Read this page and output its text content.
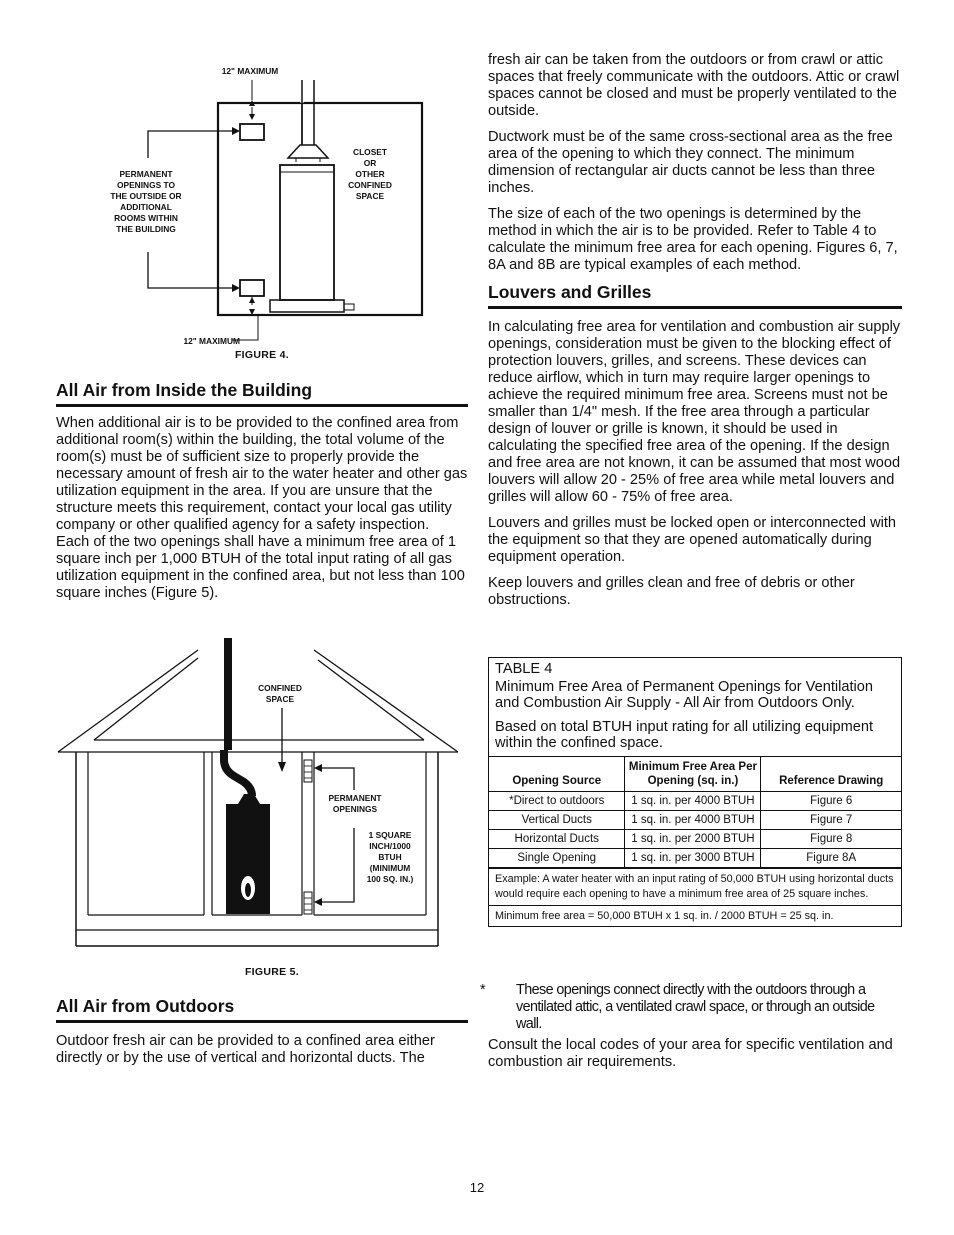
12" MAXIMUM
PERMANENT
OPENINGS TO
THE OUTSIDE OR
ADDITIONAL
ROOMS WITHIN
THE BUILDING
CLOSET
OR
OTHER
CONFINED
SPACE
12" MAXIMUM
FIGURE 4.
All Air from Inside the Building

When additional air is to be provided to the confined area from additional room(s) within the building, the total volume of the room(s) must be of sufficient size to properly provide the necessary amount of fresh air to the water heater and other gas utilization equipment in the area. If you are unsure that the structure meets this requirement, contact your local gas utility company or other qualified agency for a safety inspection.

Each of the two openings shall have a minimum free area of 1 square inch per 1,000 BTUH of the total input rating of all gas utilization equipment in the confined area, but not less than 100 square inches (Figure 5).

CONFINED
SPACE
PERMANENT
OPENINGS
1 SQUARE
INCH/1000
BTUH
(MINIMUM
100 SQ. IN.)
FIGURE 5.
All Air from Outdoors

Outdoor fresh air can be provided to a confined area either directly or by the use of vertical and horizontal ducts. The

fresh air can be taken from the outdoors or from crawl or attic spaces that freely communicate with the outdoors. Attic or crawl spaces cannot be closed and must be properly ventilated to the outside.

Ductwork must be of the same cross-sectional area as the free area of the opening to which they connect. The minimum dimension of rectangular air ducts cannot be less than three inches.

The size of each of the two openings is determined by the method in which the air is to be provided. Refer to Table 4 to calculate the minimum free area for each opening. Figures 6, 7, 8A and 8B are typical examples of each method.

Louvers and Grilles

In calculating free area for ventilation and combustion air supply openings, consideration must be given to the blocking effect of protection louvers, grilles, and screens. These devices can reduce airflow, which in turn may require larger openings to achieve the required minimum free area. Screens must not be smaller than 1/4" mesh. If the free area through a particular design of louver or grille is known, it should be used in calculating the specified free area of the opening. If the design and free area are not known, it can be assumed that most wood louvers will allow 20 - 25% of free area while metal louvers and grilles will allow 60 - 75% of free area.

Louvers and grilles must be locked open or interconnected with the equipment so that they are opened automatically during equipment operation.

Keep louvers and grilles clean and free of debris or other obstructions.

TABLE 4
Minimum Free Area of Permanent Openings for Ventilation and Combustion Air Supply - All Air from Outdoors Only.
Based on total BTUH input rating for all utilizing equipment within the confined space.
Opening Source	Minimum Free Area Per Opening (sq. in.)	Reference Drawing
*Direct to outdoors	1 sq. in. per 4000 BTUH	Figure 6
Vertical Ducts	1 sq. in. per 4000 BTUH	Figure 7
Horizontal Ducts	1 sq. in. per 2000 BTUH	Figure 8
Single Opening	1 sq. in. per 3000 BTUH	Figure 8A
Example: A water heater with an input rating of 50,000 BTUH using horizontal ducts would require each opening to have a minimum free area of 25 square inches.
Minimum free area = 50,000 BTUH x 1 sq. in. / 2000 BTUH = 25 sq. in.
* These openings connect directly with the outdoors through a ventilated attic, a ventilated crawl space, or through an outside wall.

Consult the local codes of your area for specific ventilation and combustion air requirements.

12
